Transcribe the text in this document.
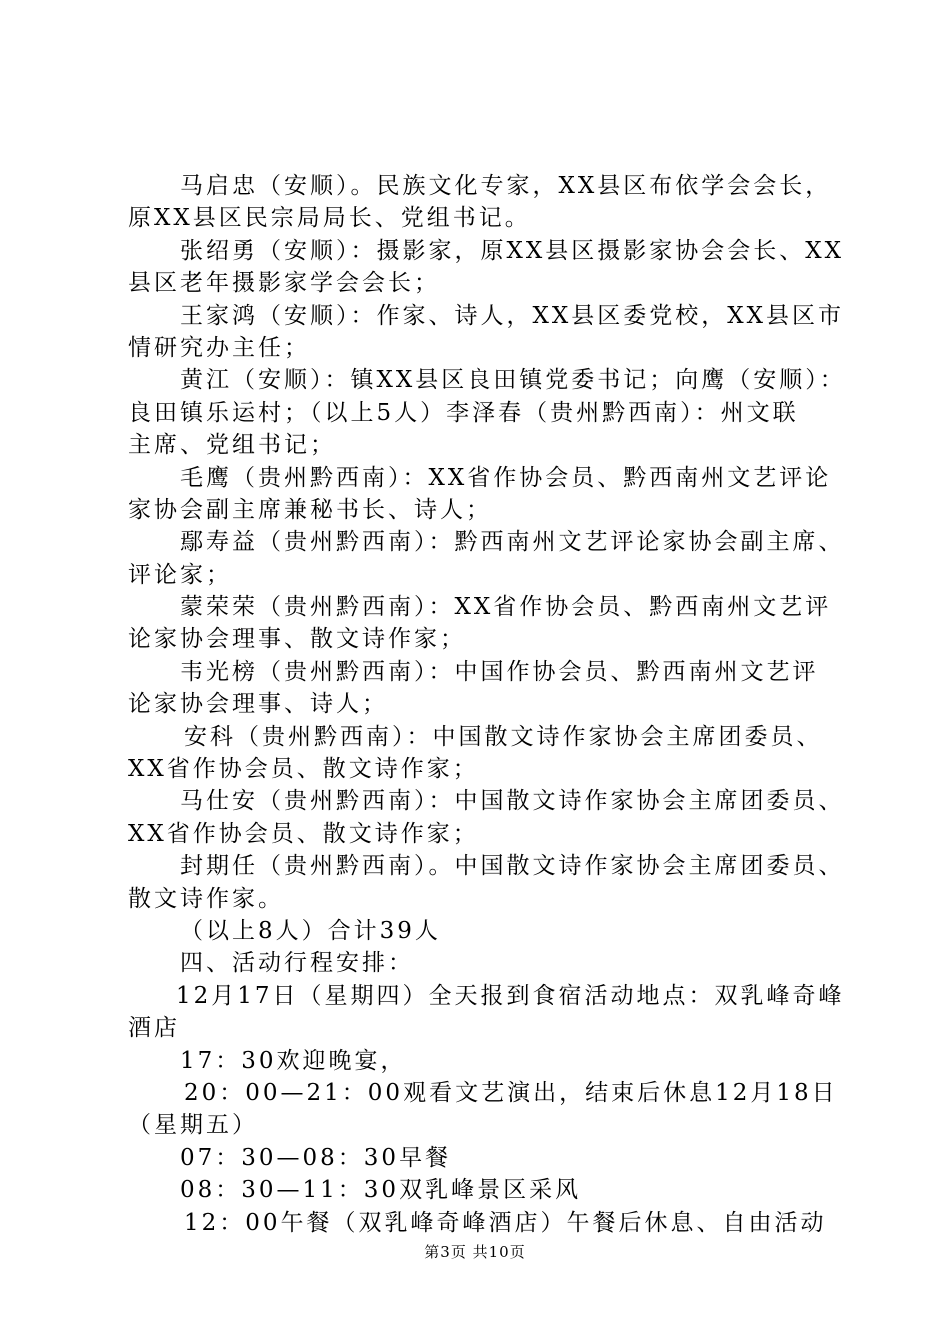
马启忠（安顺）。民族文化专家，XX县区布依学会会长，
原XX县区民宗局局长、党组书记。
张绍勇（安顺）：摄影家，原XX县区摄影家协会会长、XX
县区老年摄影家学会会长；
王家鸿（安顺）：作家、诗人，XX县区委党校，XX县区市
情研究办主任；
黄江（安顺）：镇XX县区良田镇党委书记；向鹰（安顺）：
良田镇乐运村；（以上5人）李泽春（贵州黔西南）：州文联
主席、党组书记；
毛鹰（贵州黔西南）：XX省作协会员、黔西南州文艺评论
家协会副主席兼秘书长、诗人；
鄢寿益（贵州黔西南）：黔西南州文艺评论家协会副主席、
评论家；
蒙荣荣（贵州黔西南）：XX省作协会员、黔西南州文艺评
论家协会理事、散文诗作家；
韦光榜（贵州黔西南）：中国作协会员、黔西南州文艺评
论家协会理事、诗人；
安科（贵州黔西南）：中国散文诗作家协会主席团委员、
XX省作协会员、散文诗作家；
马仕安（贵州黔西南）：中国散文诗作家协会主席团委员、
XX省作协会员、散文诗作家；
封期任（贵州黔西南）。中国散文诗作家协会主席团委员、
散文诗作家。
（以上8人）合计39人
四、活动行程安排：
12月17日（星期四）全天报到食宿活动地点：双乳峰奇峰
酒店
17：30欢迎晚宴，
20：00—21：00观看文艺演出，结束后休息12月18日
（星期五）
07：30—08：30早餐
08：30—11：30双乳峰景区采风
12：00午餐（双乳峰奇峰酒店）午餐后休息、自由活动
第3页 共10页
